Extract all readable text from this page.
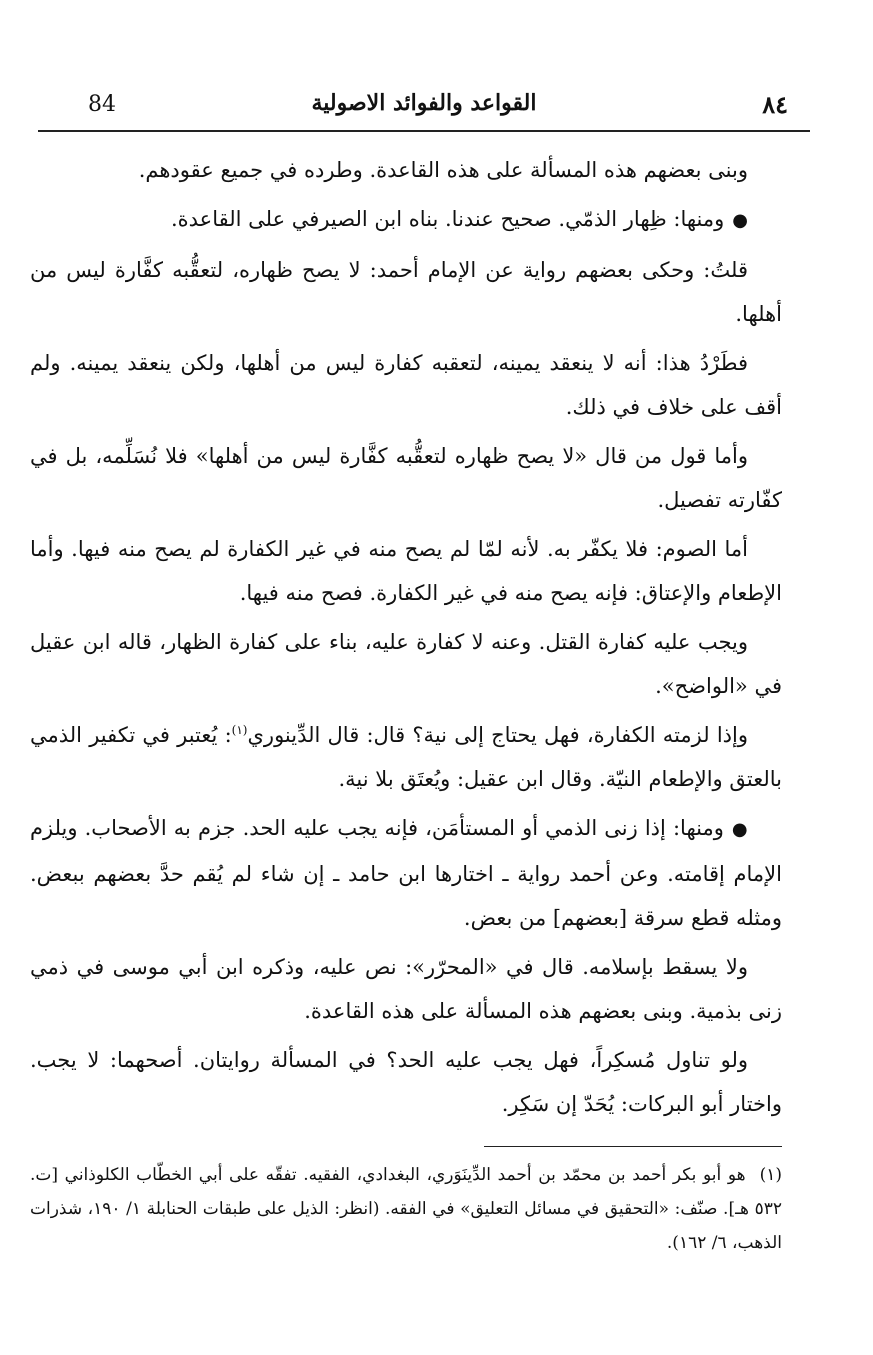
٨٤
القواعد والفوائد الاصولية
84

وبنى بعضهم هذه المسألة على هذه القاعدة. وطرده في جميع عقودهم.

●ومنها: ظِهار الذمّي. صحيح عندنا. بناه ابن الصيرفي على القاعدة.

قلتُ: وحكى بعضهم رواية عن الإمام أحمد: لا يصح ظهاره، لتعقُّبه كفَّارة ليس من أهلها.

فطَرْدُ هذا: أنه لا ينعقد يمينه، لتعقبه كفارة ليس من أهلها، ولكن ينعقد يمينه. ولم أقف على خلاف في ذلك.

وأما قول من قال «لا يصح ظهاره لتعقُّبه كفَّارة ليس من أهلها» فلا نُسَلِّمه، بل في كفّارته تفصيل.

أما الصوم: فلا يكفّر به. لأنه لمّا لم يصح منه في غير الكفارة لم يصح منه فيها. وأما الإطعام والإعتاق: فإنه يصح منه في غير الكفارة. فصح منه فيها.

ويجب عليه كفارة القتل. وعنه لا كفارة عليه، بناء على كفارة الظهار، قاله ابن عقيل في «الواضح».

وإذا لزمته الكفارة، فهل يحتاج إلى نية؟ قال: قال الدِّينوري$^{(١)}$: يُعتبر في تكفير الذمي بالعتق والإطعام النيّة. وقال ابن عقيل: ويُعتَق بلا نية.

●ومنها: إذا زنى الذمي أو المستأمَن، فإنه يجب عليه الحد. جزم به الأصحاب. ويلزم الإمام إقامته. وعن أحمد رواية ـ اختارها ابن حامد ـ إن شاء لم يُقم حدَّ بعضهم ببعض. ومثله قطع سرقة [بعضهم] من بعض.

ولا يسقط بإسلامه. قال في «المحرّر»: نص عليه، وذكره ابن أبي موسى في ذمي زنى بذمية. وبنى بعضهم هذه المسألة على هذه القاعدة.

ولو تناول مُسكِراً، فهل يجب عليه الحد؟ في المسألة روايتان. أصحهما: لا يجب. واختار أبو البركات: يُحَدّ إن سَكِر.

(١)هو أبو بكر أحمد بن محمّد بن أحمد الدِّينَوَري، البغدادي، الفقيه. تفقّه على أبي الخطّاب الكلوذاني [ت. ٥٣٢ هـ]. صنّف: «التحقيق في مسائل التعليق» في الفقه. (انظر: الذيل على طبقات الحنابلة ١/ ١٩٠، شذرات الذهب، ٦/ ١٦٢).
